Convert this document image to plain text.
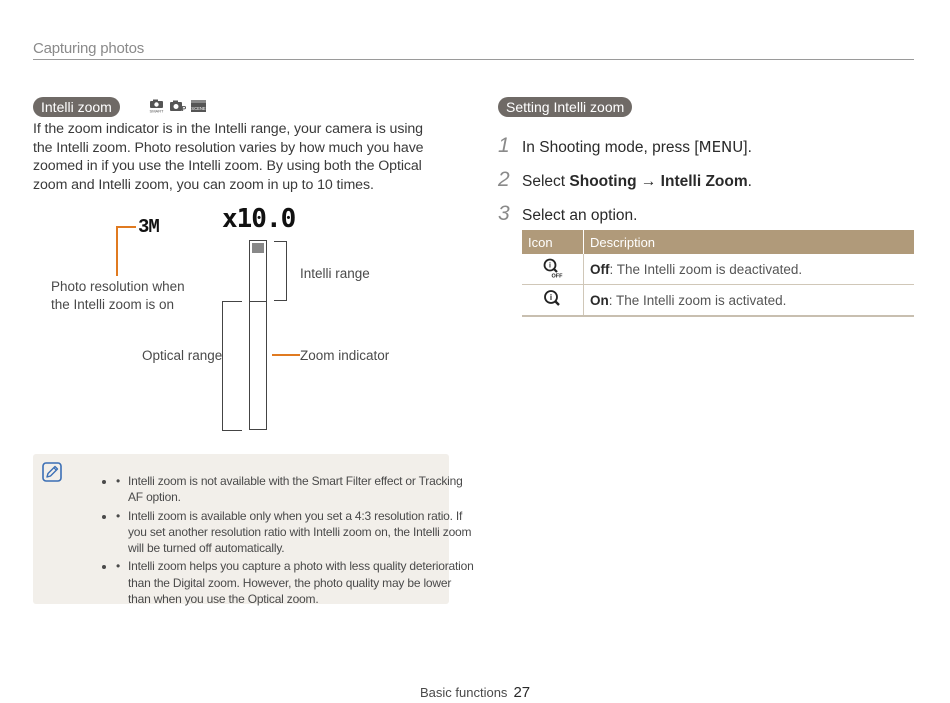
Capturing photos
Intelli zoom	SMART	P SCENE
If the zoom indicator is in the Intelli range, your camera is using the Intelli zoom. Photo resolution varies by how much you have zoomed in if you use the Intelli zoom. By using both the Optical zoom and Intelli zoom, you can zoom in up to 10 times.
3M x10.0
Photo resolution when
the Intelli zoom is on
Intelli range
Optical range	Zoom indicator
• • Intelli zoom is not available with the Smart Filter effect or Tracking AF option.
• • Intelli zoom is available only when you set a 4:3 resolution ratio. If you set another resolution ratio with Intelli zoom on, the Intelli zoom will be turned off automatically.
• • Intelli zoom helps you capture a photo with less quality deterioration than the Digital zoom. However, the photo quality may be lower than when you use the Optical zoom.
Setting Intelli zoom
1 In Shooting mode, press [MENU].
2 Select Shooting → Intelli Zoom.
3 Select an option.
Icon	Description

i
OFF	Off: The Intelli zoom is deactivated.

i	On: The Intelli zoom is activated.
Basic functions 27
